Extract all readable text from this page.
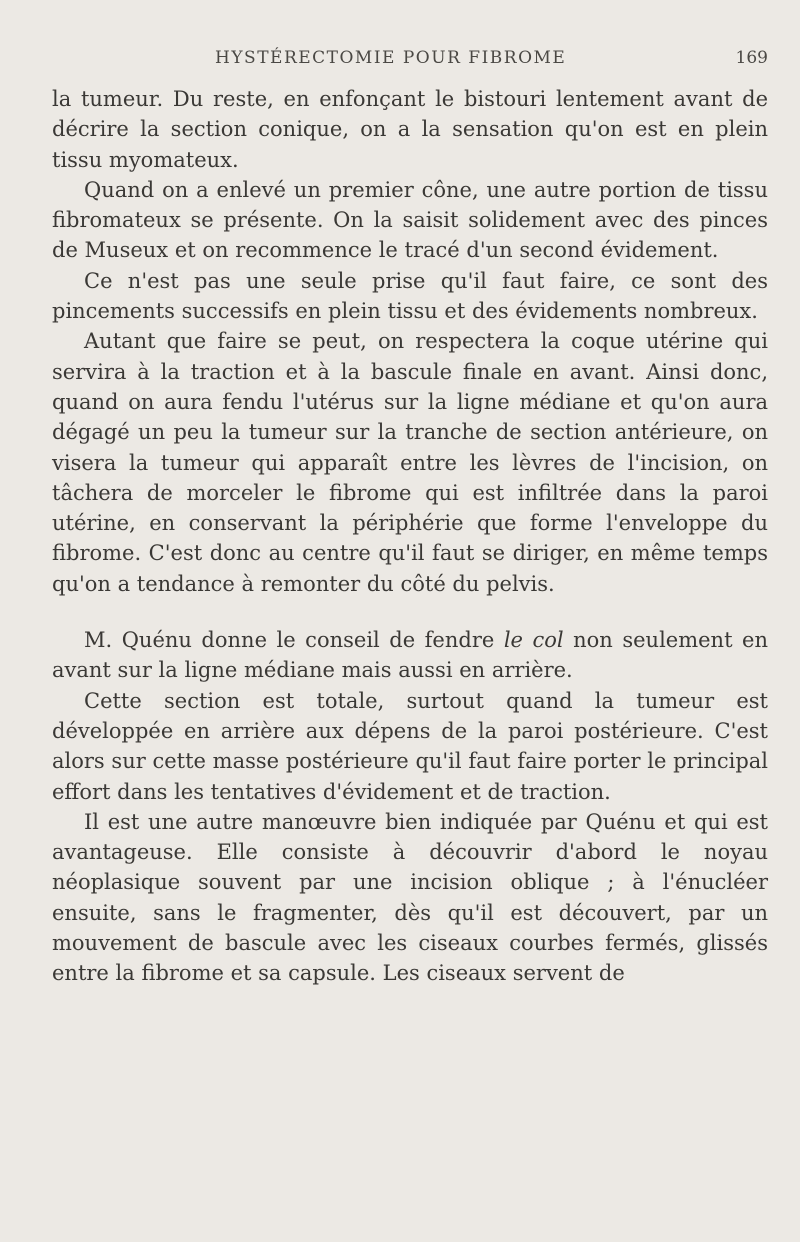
HYSTÉRECTOMIE POUR FIBROME	169

la tumeur. Du reste, en enfonçant le bistouri lentement avant de décrire la section conique, on a la sensation qu'on est en plein tissu myomateux.

Quand on a enlevé un premier cône, une autre portion de tissu fibromateux se présente. On la saisit solidement avec des pinces de Museux et on recommence le tracé d'un second évidement.

Ce n'est pas une seule prise qu'il faut faire, ce sont des pincements successifs en plein tissu et des évidements nombreux.

Autant que faire se peut, on respectera la coque utérine qui servira à la traction et à la bascule finale en avant. Ainsi donc, quand on aura fendu l'utérus sur la ligne médiane et qu'on aura dégagé un peu la tumeur sur la tranche de section antérieure, on visera la tumeur qui apparaît entre les lèvres de l'incision, on tâchera de morceler le fibrome qui est infiltrée dans la paroi utérine, en conservant la périphérie que forme l'enveloppe du fibrome. C'est donc au centre qu'il faut se diriger, en même temps qu'on a tendance à remonter du côté du pelvis.

M. Quénu donne le conseil de fendre le col non seulement en avant sur la ligne médiane mais aussi en arrière.

Cette section est totale, surtout quand la tumeur est développée en arrière aux dépens de la paroi postérieure. C'est alors sur cette masse postérieure qu'il faut faire porter le principal effort dans les tentatives d'évidement et de traction.

Il est une autre manœuvre bien indiquée par Quénu et qui est avantageuse. Elle consiste à découvrir d'abord le noyau néoplasique souvent par une incision oblique ; à l'énucléer ensuite, sans le fragmenter, dès qu'il est découvert, par un mouvement de bascule avec les ciseaux courbes fermés, glissés entre la fibrome et sa capsule. Les ciseaux servent de
